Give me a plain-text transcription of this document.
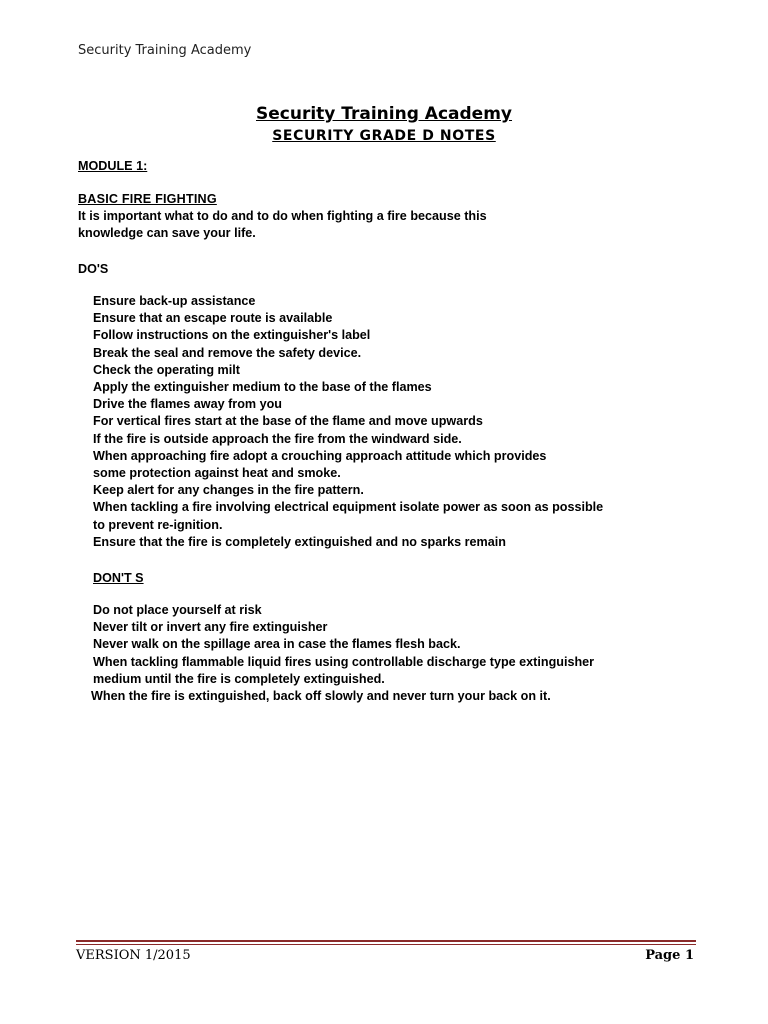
Security Training Academy
Security Training Academy
SECURITY GRADE D NOTES
MODULE 1:
BASIC FIRE FIGHTING
It is important what to do and to do when fighting a fire because this
knowledge can save your life.
DO'S
Ensure back-up assistance
Ensure that an escape route is available
Follow instructions on the extinguisher's label
Break the seal and remove the safety device.
Check the operating milt
Apply the extinguisher medium to the base of the flames
Drive the flames away from you
For vertical fires start at the base of the flame and move upwards
If the fire is outside approach the fire from the windward side.
When approaching fire adopt a crouching approach attitude which provides
some protection against heat and smoke.
Keep alert for any changes in the fire pattern.
When tackling a fire involving electrical equipment isolate power as soon as possible
to prevent re-ignition.
Ensure that the fire is completely extinguished and no sparks remain
DON'T S
Do not place yourself at risk
Never tilt or invert any fire extinguisher
Never walk on the spillage area in case the flames flesh back.
When tackling flammable liquid fires using controllable discharge type extinguisher
medium until the fire is completely extinguished.
When the fire is extinguished, back off slowly and never turn your back on it.
VERSION 1/2015	Page 1
